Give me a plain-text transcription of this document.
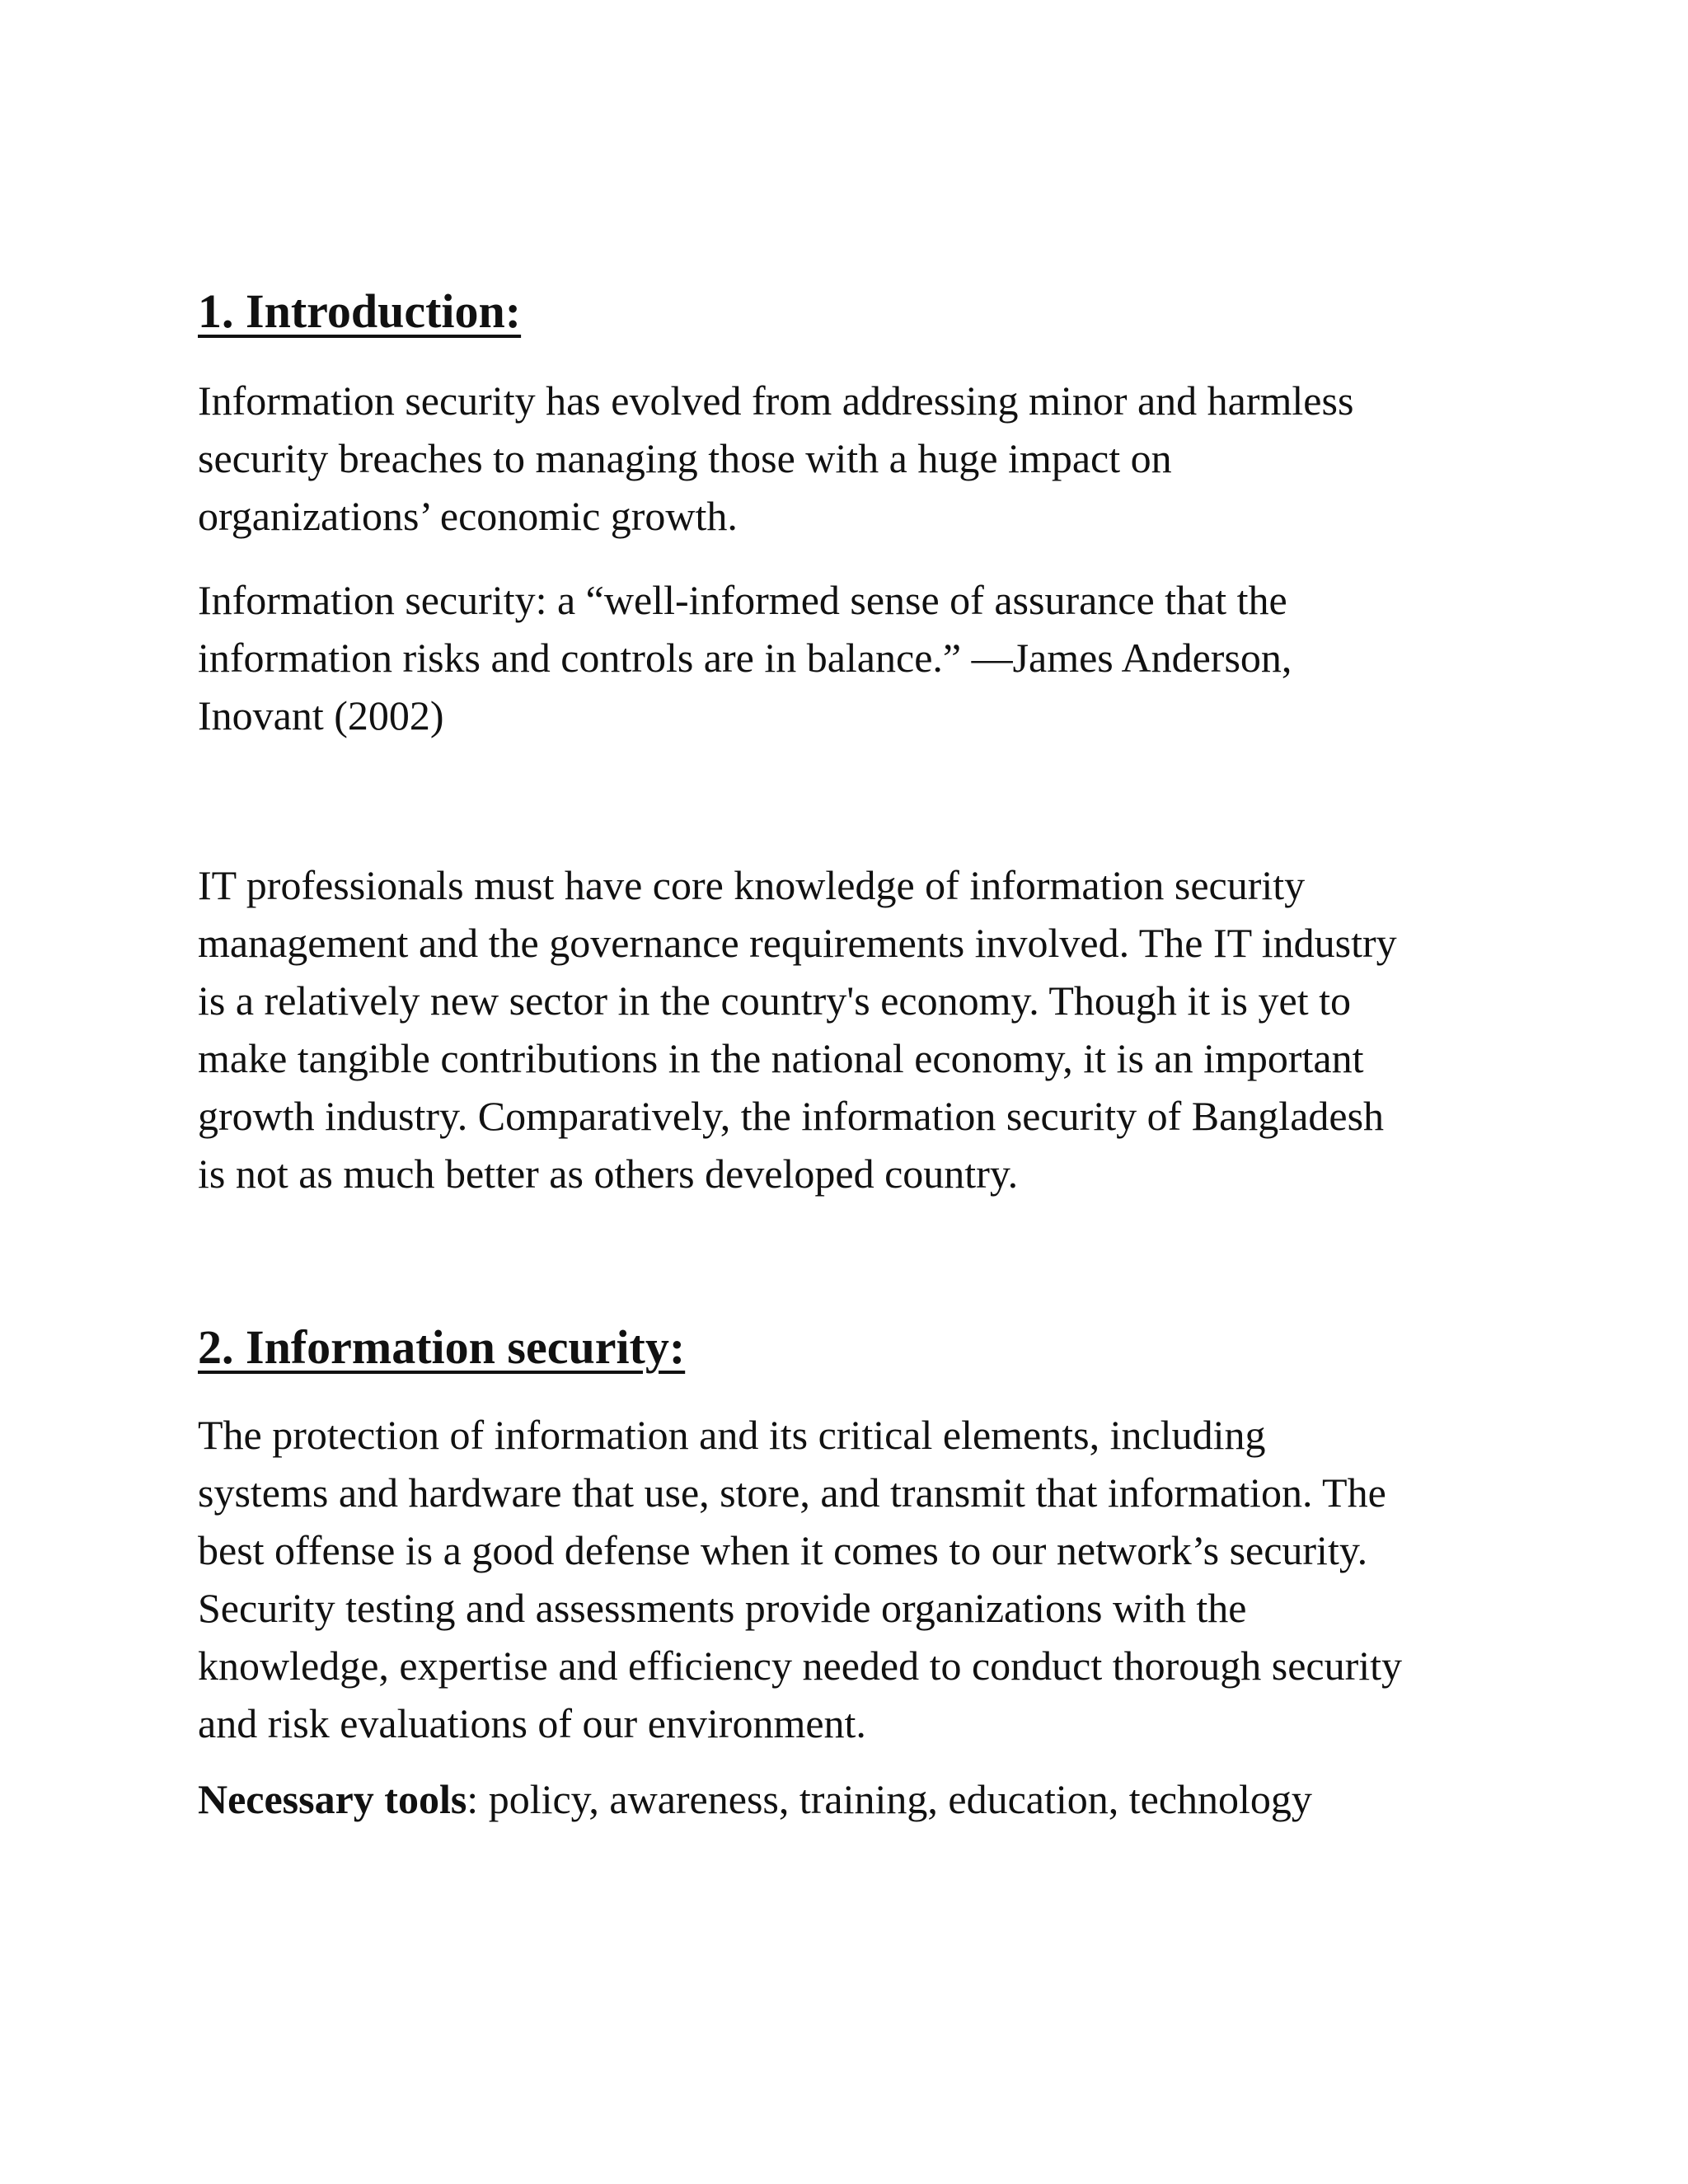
1. Introduction:

Information security has evolved from addressing minor and harmless
security breaches to managing those with a huge impact on
organizations’ economic growth.

Information security: a “well-informed sense of assurance that the
information risks and controls are in balance.” —James Anderson,
Inovant (2002)

IT professionals must have core knowledge of information security
management and the governance requirements involved. The IT industry
is a relatively new sector in the country's economy. Though it is yet to
make tangible contributions in the national economy, it is an important
growth industry. Comparatively, the information security of Bangladesh
is not as much better as others developed country.

2. Information security:

The protection of information and its critical elements, including
systems and hardware that use, store, and transmit that information. The
best offense is a good defense when it comes to our network’s security.
Security testing and assessments provide organizations with the
knowledge, expertise and efficiency needed to conduct thorough security
and risk evaluations of our environment.

Necessary tools: policy, awareness, training, education, technology
